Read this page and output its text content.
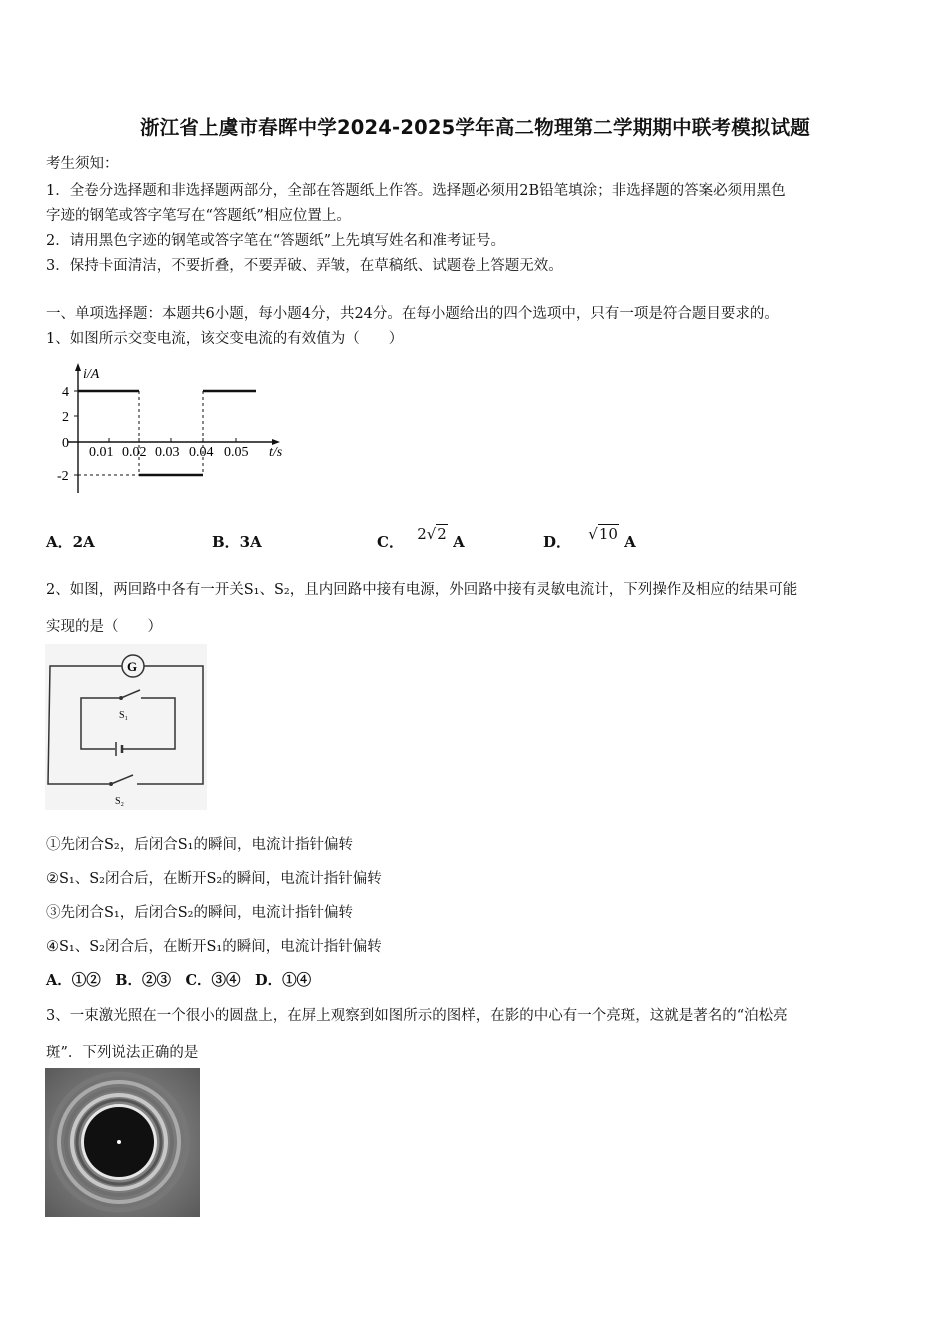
浙江省上虞市春晖中学2024-2025学年高二物理第二学期期中联考模拟试题
考生须知：
1．全卷分选择题和非选择题两部分，全部在答题纸上作答。选择题必须用2B铅笔填涂；非选择题的答案必须用黑色
字迹的钢笔或答字笔写在“答题纸”相应位置上。
2．请用黑色字迹的钢笔或答字笔在“答题纸”上先填写姓名和准考证号。
3．保持卡面清洁，不要折叠，不要弄破、弄皱，在草稿纸、试题卷上答题无效。
一、单项选择题：本题共6小题，每小题4分，共24分。在每小题给出的四个选项中，只有一项是符合题目要求的。
1、如图所示交变电流，该交变电流的有效值为（　　）
i/A
4
2
0
-2
0.01 0.02 0.03 0.04 0.05 t/s
A．2A	B．3A	C． 2√2 A	D． √10 A
2、如图，两回路中各有一开关S₁、S₂，且内回路中接有电源，外回路中接有灵敏电流计，下列操作及相应的结果可能
实现的是（　　）
G
S₂
S₁
①先闭合S₂，后闭合S₁的瞬间，电流计指针偏转
②S₁、S₂闭合后，在断开S₂的瞬间，电流计指针偏转
③先闭合S₁，后闭合S₂的瞬间，电流计指针偏转
④S₁、S₂闭合后，在断开S₁的瞬间，电流计指针偏转
A．①②　B．②③　C．③④　D．①④
3、一束激光照在一个很小的圆盘上，在屏上观察到如图所示的图样，在影的中心有一个亮斑，这就是著名的“泊松亮
斑”．下列说法正确的是
